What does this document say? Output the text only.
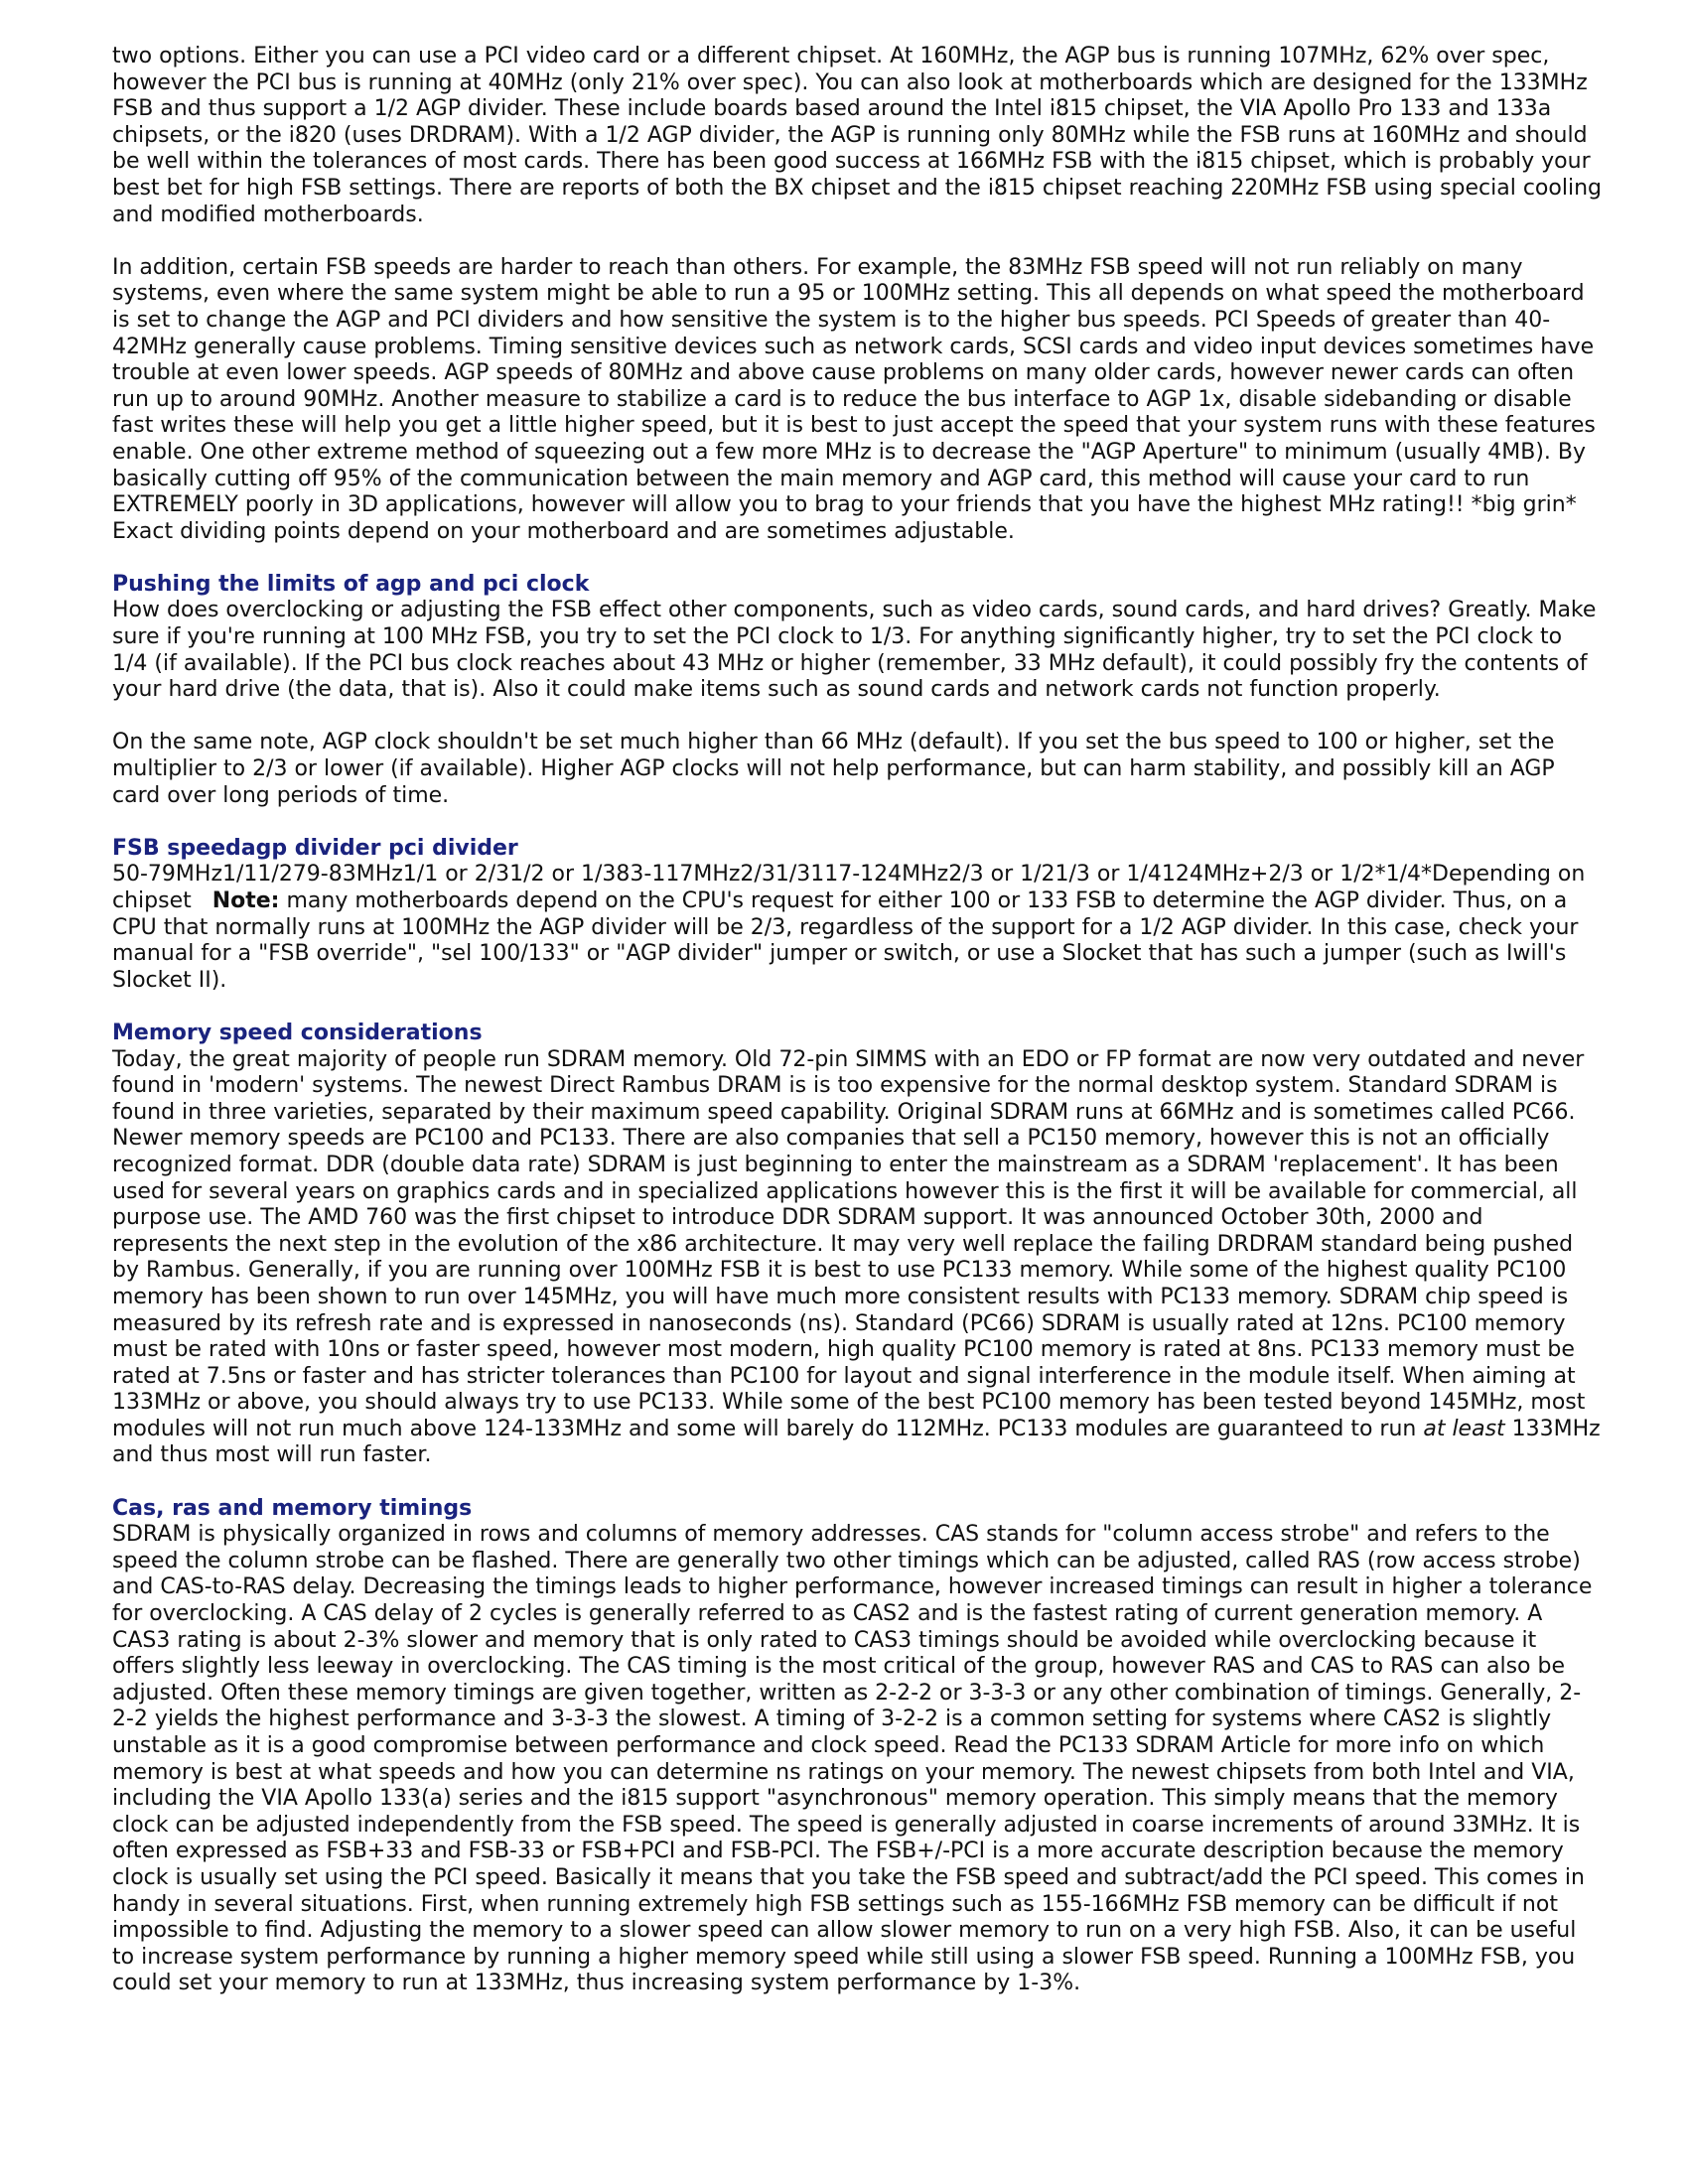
two options. Either you can use a PCI video card or a different chipset. At 160MHz, the AGP bus is running 107MHz, 62% over spec, however the PCI bus is running at 40MHz (only 21% over spec). You can also look at motherboards which are designed for the 133MHz FSB and thus support a 1/2 AGP divider. These include boards based around the Intel i815 chipset, the VIA Apollo Pro 133 and 133a chipsets, or the i820 (uses DRDRAM). With a 1/2 AGP divider, the AGP is running only 80MHz while the FSB runs at 160MHz and should be well within the tolerances of most cards. There has been good success at 166MHz FSB with the i815 chipset, which is probably your best bet for high FSB settings. There are reports of both the BX chipset and the i815 chipset reaching 220MHz FSB using special cooling and modified motherboards.

In addition, certain FSB speeds are harder to reach than others. For example, the 83MHz FSB speed will not run reliably on many systems, even where the same system might be able to run a 95 or 100MHz setting. This all depends on what speed the motherboard is set to change the AGP and PCI dividers and how sensitive the system is to the higher bus speeds. PCI Speeds of greater than 40-42MHz generally cause problems. Timing sensitive devices such as network cards, SCSI cards and video input devices sometimes have trouble at even lower speeds. AGP speeds of 80MHz and above cause problems on many older cards, however newer cards can often run up to around 90MHz. Another measure to stabilize a card is to reduce the bus interface to AGP 1x, disable sidebanding or disable fast writes these will help you get a little higher speed, but it is best to just accept the speed that your system runs with these features enable. One other extreme method of squeezing out a few more MHz is to decrease the "AGP Aperture" to minimum (usually 4MB). By basically cutting off 95% of the communication between the main memory and AGP card, this method will cause your card to run EXTREMELY poorly in 3D applications, however will allow you to brag to your friends that you have the highest MHz rating!! *big grin* Exact dividing points depend on your motherboard and are sometimes adjustable.

Pushing the limits of agp and pci clock

How does overclocking or adjusting the FSB effect other components, such as video cards, sound cards, and hard drives? Greatly. Make sure if you're running at 100 MHz FSB, you try to set the PCI clock to 1/3. For anything significantly higher, try to set the PCI clock to 1/4 (if available). If the PCI bus clock reaches about 43 MHz or higher (remember, 33 MHz default), it could possibly fry the contents of your hard drive (the data, that is). Also it could make items such as sound cards and network cards not function properly.

On the same note, AGP clock shouldn't be set much higher than 66 MHz (default). If you set the bus speed to 100 or higher, set the multiplier to 2/3 or lower (if available). Higher AGP clocks will not help performance, but can harm stability, and possibly kill an AGP card over long periods of time.

FSB speedagp divider pci divider

50-79MHz1/11/279-83MHz1/1 or 2/31/2 or 1/383-117MHz2/31/3117-124MHz2/3 or 1/21/3 or 1/4124MHz+2/3 or 1/2*1/4*Depending on chipset   Note: many motherboards depend on the CPU's request for either 100 or 133 FSB to determine the AGP divider. Thus, on a CPU that normally runs at 100MHz the AGP divider will be 2/3, regardless of the support for a 1/2 AGP divider. In this case, check your manual for a "FSB override", "sel 100/133" or "AGP divider" jumper or switch, or use a Slocket that has such a jumper (such as Iwill's Slocket II).

Memory speed considerations

Today, the great majority of people run SDRAM memory. Old 72-pin SIMMS with an EDO or FP format are now very outdated and never found in 'modern' systems. The newest Direct Rambus DRAM is is too expensive for the normal desktop system. Standard SDRAM is found in three varieties, separated by their maximum speed capability. Original SDRAM runs at 66MHz and is sometimes called PC66. Newer memory speeds are PC100 and PC133. There are also companies that sell a PC150 memory, however this is not an officially recognized format. DDR (double data rate) SDRAM is just beginning to enter the mainstream as a SDRAM 'replacement'. It has been used for several years on graphics cards and in specialized applications however this is the first it will be available for commercial, all purpose use. The AMD 760 was the first chipset to introduce DDR SDRAM support. It was announced October 30th, 2000 and represents the next step in the evolution of the x86 architecture. It may very well replace the failing DRDRAM standard being pushed by Rambus. Generally, if you are running over 100MHz FSB it is best to use PC133 memory. While some of the highest quality PC100 memory has been shown to run over 145MHz, you will have much more consistent results with PC133 memory. SDRAM chip speed is measured by its refresh rate and is expressed in nanoseconds (ns). Standard (PC66) SDRAM is usually rated at 12ns. PC100 memory must be rated with 10ns or faster speed, however most modern, high quality PC100 memory is rated at 8ns. PC133 memory must be rated at 7.5ns or faster and has stricter tolerances than PC100 for layout and signal interference in the module itself. When aiming at 133MHz or above, you should always try to use PC133. While some of the best PC100 memory has been tested beyond 145MHz, most modules will not run much above 124-133MHz and some will barely do 112MHz. PC133 modules are guaranteed to run at least 133MHz and thus most will run faster.

Cas, ras and memory timings

SDRAM is physically organized in rows and columns of memory addresses. CAS stands for "column access strobe" and refers to the speed the column strobe can be flashed. There are generally two other timings which can be adjusted, called RAS (row access strobe) and CAS-to-RAS delay. Decreasing the timings leads to higher performance, however increased timings can result in higher a tolerance for overclocking. A CAS delay of 2 cycles is generally referred to as CAS2 and is the fastest rating of current generation memory. A CAS3 rating is about 2-3% slower and memory that is only rated to CAS3 timings should be avoided while overclocking because it offers slightly less leeway in overclocking. The CAS timing is the most critical of the group, however RAS and CAS to RAS can also be adjusted. Often these memory timings are given together, written as 2-2-2 or 3-3-3 or any other combination of timings. Generally, 2-2-2 yields the highest performance and 3-3-3 the slowest. A timing of 3-2-2 is a common setting for systems where CAS2 is slightly unstable as it is a good compromise between performance and clock speed. Read the PC133 SDRAM Article for more info on which memory is best at what speeds and how you can determine ns ratings on your memory. The newest chipsets from both Intel and VIA, including the VIA Apollo 133(a) series and the i815 support "asynchronous" memory operation. This simply means that the memory clock can be adjusted independently from the FSB speed. The speed is generally adjusted in coarse increments of around 33MHz. It is often expressed as FSB+33 and FSB-33 or FSB+PCI and FSB-PCI. The FSB+/-PCI is a more accurate description because the memory clock is usually set using the PCI speed. Basically it means that you take the FSB speed and subtract/add the PCI speed. This comes in handy in several situations. First, when running extremely high FSB settings such as 155-166MHz FSB memory can be difficult if not impossible to find. Adjusting the memory to a slower speed can allow slower memory to run on a very high FSB. Also, it can be useful to increase system performance by running a higher memory speed while still using a slower FSB speed. Running a 100MHz FSB, you could set your memory to run at 133MHz, thus increasing system performance by 1-3%.
